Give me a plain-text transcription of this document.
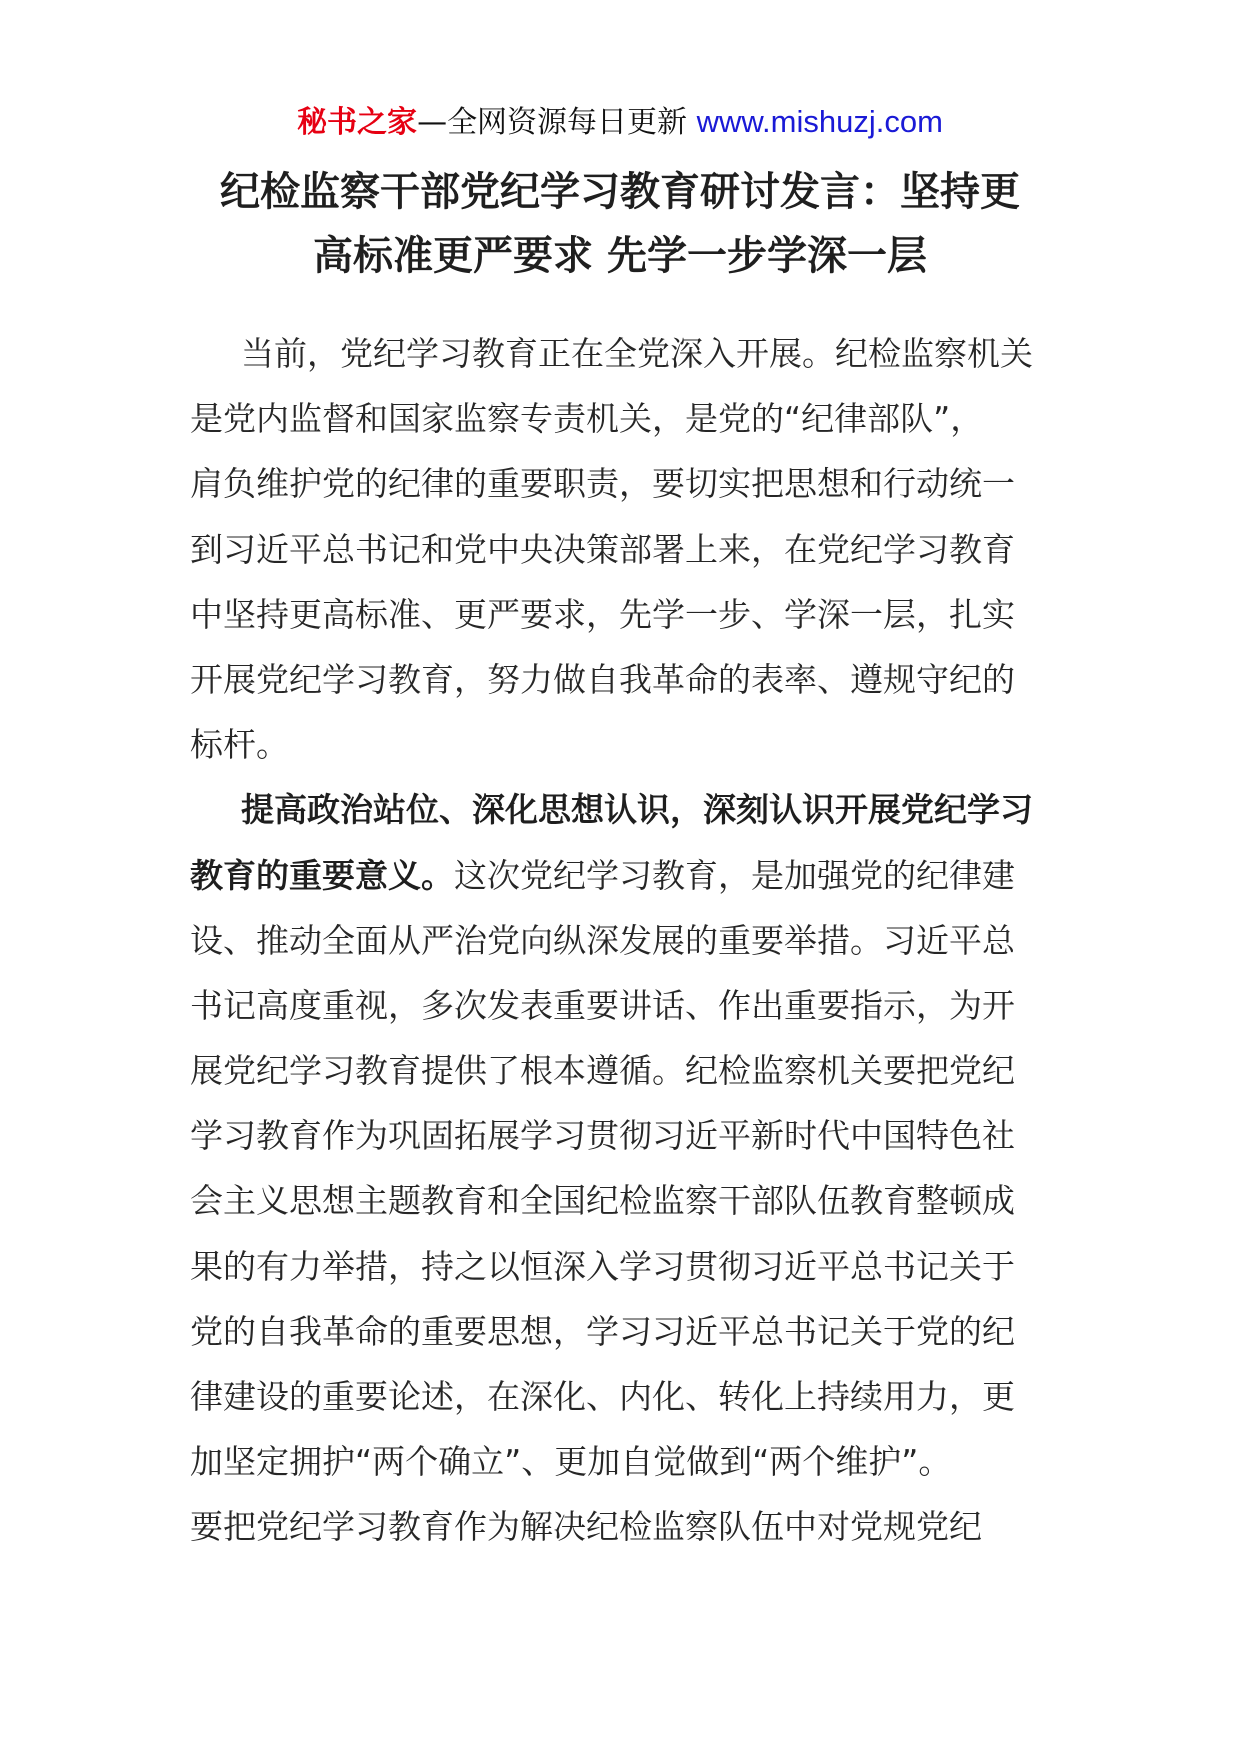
秘书之家—全网资源每日更新 www.mishuzj.com
纪检监察干部党纪学习教育研讨发言：坚持更
高标准更严要求 先学一步学深一层
当前，党纪学习教育正在全党深入开展。纪检监察机关
是党内监督和国家监察专责机关，是党的“纪律部队”，
肩负维护党的纪律的重要职责，要切实把思想和行动统一
到习近平总书记和党中央决策部署上来，在党纪学习教育
中坚持更高标准、更严要求，先学一步、学深一层，扎实
开展党纪学习教育，努力做自我革命的表率、遵规守纪的
标杆。
提高政治站位、深化思想认识，深刻认识开展党纪学习
教育的重要意义。这次党纪学习教育，是加强党的纪律建
设、推动全面从严治党向纵深发展的重要举措。习近平总
书记高度重视，多次发表重要讲话、作出重要指示，为开
展党纪学习教育提供了根本遵循。纪检监察机关要把党纪
学习教育作为巩固拓展学习贯彻习近平新时代中国特色社
会主义思想主题教育和全国纪检监察干部队伍教育整顿成
果的有力举措，持之以恒深入学习贯彻习近平总书记关于
党的自我革命的重要思想，学习习近平总书记关于党的纪
律建设的重要论述，在深化、内化、转化上持续用力，更
加坚定拥护“两个确立”、更加自觉做到“两个维护”。
要把党纪学习教育作为解决纪检监察队伍中对党规党纪
